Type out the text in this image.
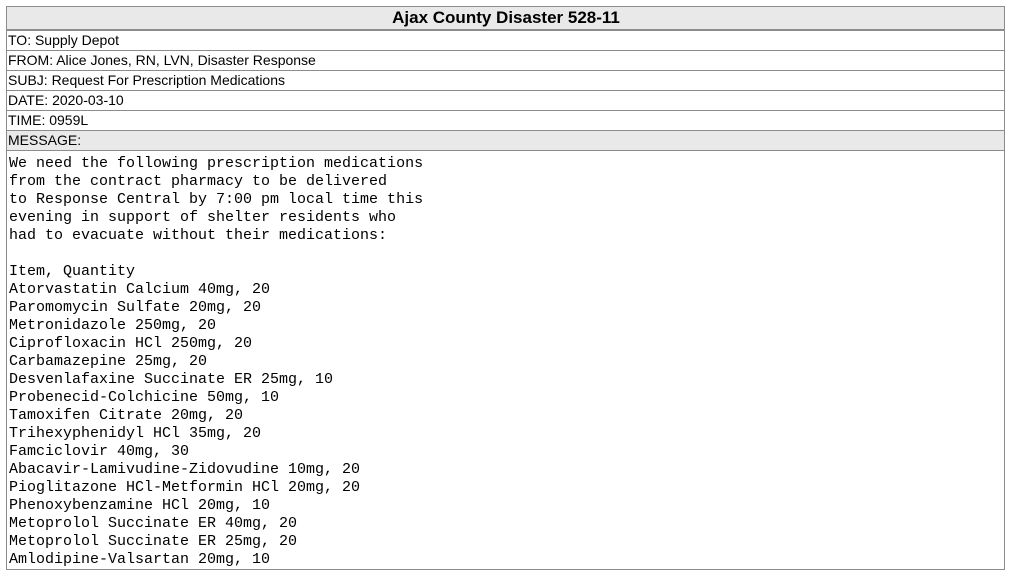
Ajax County Disaster 528-11
TO: Supply Depot
FROM: Alice Jones, RN, LVN, Disaster Response
SUBJ: Request For Prescription Medications
DATE: 2020-03-10
TIME: 0959L
MESSAGE:
We need the following prescription medications
from the contract pharmacy to be delivered
to Response Central by 7:00 pm local time this
evening in support of shelter residents who
had to evacuate without their medications:
Item, Quantity
Atorvastatin Calcium 40mg, 20
Paromomycin Sulfate 20mg, 20
Metronidazole 250mg, 20
Ciprofloxacin HCl 250mg, 20
Carbamazepine 25mg, 20
Desvenlafaxine Succinate ER 25mg, 10
Probenecid-Colchicine 50mg, 10
Tamoxifen Citrate 20mg, 20
Trihexyphenidyl HCl 35mg, 20
Famciclovir 40mg, 30
Abacavir-Lamivudine-Zidovudine 10mg, 20
Pioglitazone HCl-Metformin HCl 20mg, 20
Phenoxybenzamine HCl 20mg, 10
Metoprolol Succinate ER 40mg, 20
Metoprolol Succinate ER 25mg, 20
Amlodipine-Valsartan 20mg, 10
